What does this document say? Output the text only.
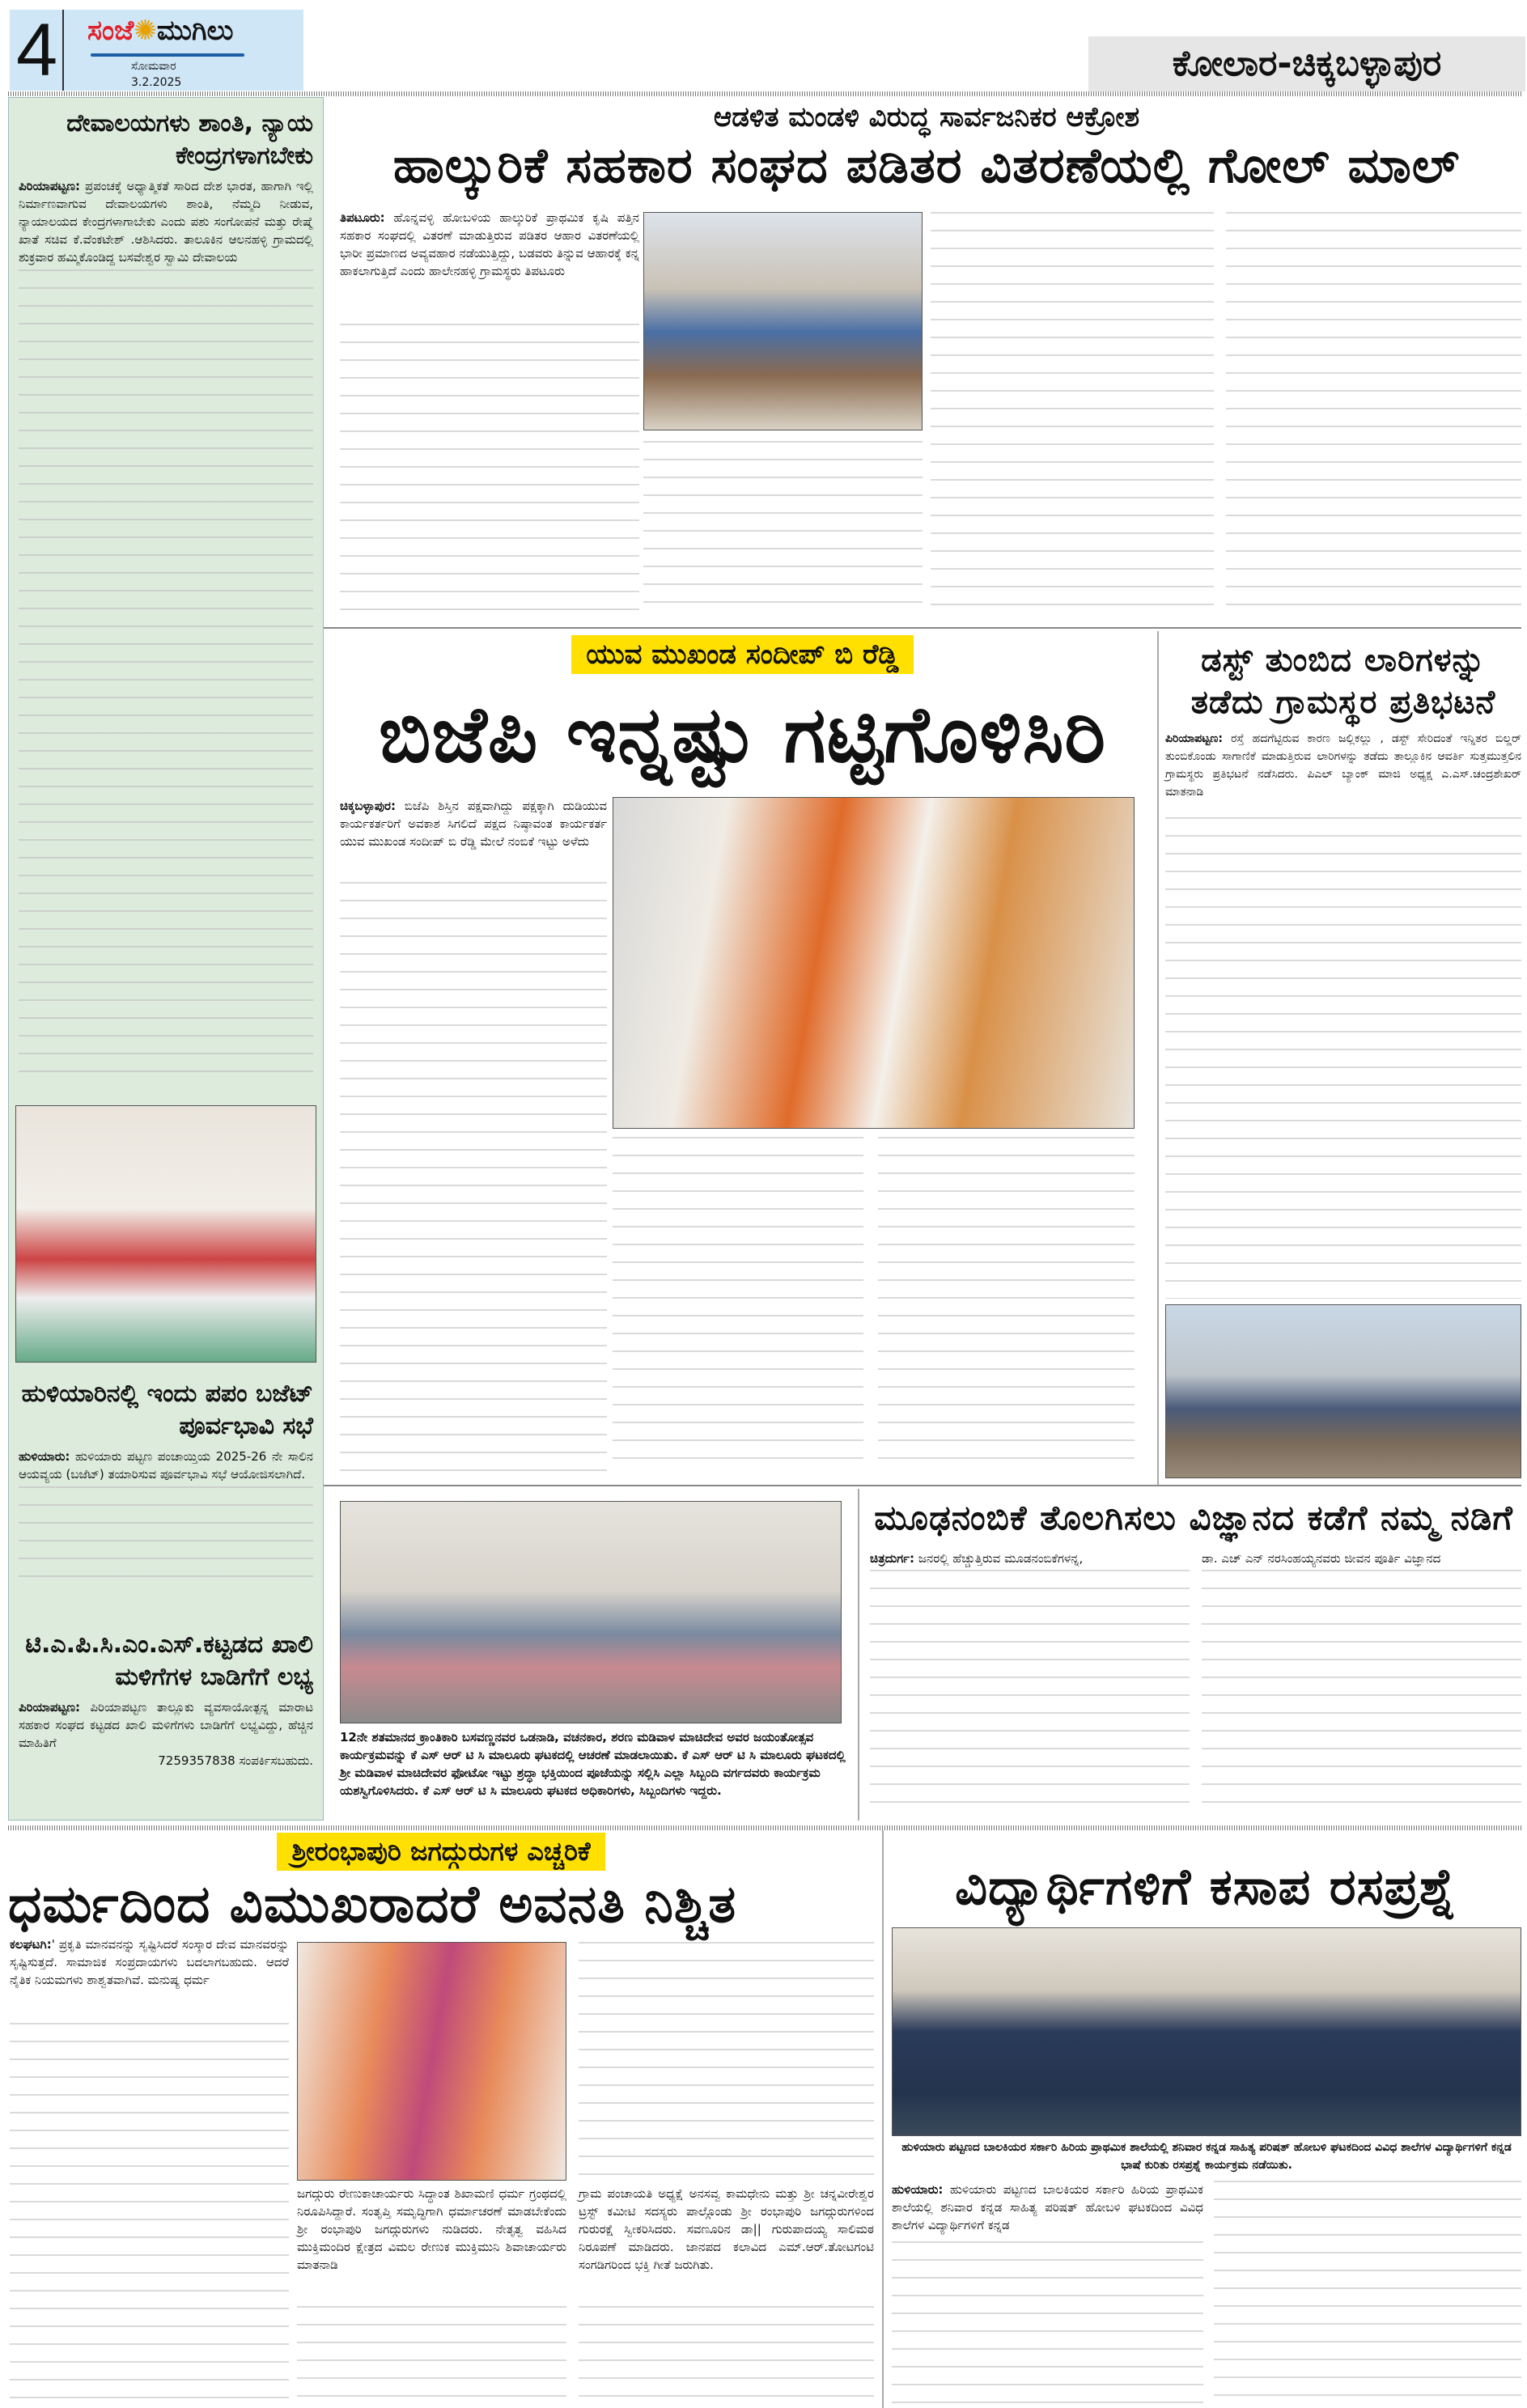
4 ಸಂಜೆ✺ಮುಗಿಲು
ಸೋಮವಾರ
3.2.2025	ಕೋಲಾರ-ಚಿಕ್ಕಬಳ್ಳಾಪುರ
ದೇವಾಲಯಗಳು ಶಾಂತಿ, ನ್ಯಾಯ ಕೇಂದ್ರಗಳಾಗಬೇಕು
ಪಿರಿಯಾಪಟ್ಟಣ: ಪ್ರಪಂಚಕ್ಕೆ ಅಧ್ಯಾತ್ಮಿಕತೆ ಸಾರಿದ ದೇಶ ಭಾರತ, ಹಾಗಾಗಿ ಇಲ್ಲಿ ನಿರ್ಮಾಣವಾಗುವ ದೇವಾಲಯಗಳು ಶಾಂತಿ, ನೆಮ್ಮದಿ ನೀಡುವ, ನ್ಯಾಯಾಲಯದ ಕೇಂದ್ರಗಳಾಗಾಬೇಕು ಎಂದು ಪಶು ಸಂಗೋಪನೆ ಮತ್ತು ರೇಷ್ಮೆ ಖಾತೆ ಸಚಿವ ಕೆ.ವೆಂಕಟೇಶ್ .ಆಶಿಸಿದರು. ತಾಲೂಕಿನ ಆಲನಹಳ್ಳಿ ಗ್ರಾಮದಲ್ಲಿ ಶುಕ್ರವಾರ ಹಮ್ಮಿಕೊಂಡಿದ್ದ ಬಸವೇಶ್ವರ ಸ್ವಾಮಿ ದೇವಾಲಯ
ಹುಳಿಯಾರಿನಲ್ಲಿ ಇಂದು ಪಪಂ ಬಜೆಟ್ ಪೂರ್ವಭಾವಿ ಸಭೆ
ಹುಳಿಯಾರು: ಹುಳಿಯಾರು ಪಟ್ಟಣ ಪಂಚಾಯ್ತಿಯ 2025-26 ನೇ ಸಾಲಿನ ಆಯವ್ಯಯ (ಬಜೆಟ್) ತಯಾರಿಸುವ ಪೂರ್ವಭಾವಿ ಸಭೆ ಆಯೋಜಿಸಲಾಗಿದೆ.
ಟಿ.ಎ.ಪಿ.ಸಿ.ಎಂ.ಎಸ್.ಕಟ್ಟಡದ ಖಾಲಿ ಮಳಿಗೆಗಳ ಬಾಡಿಗೆಗೆ ಲಭ್ಯ
ಪಿರಿಯಾಪಟ್ಟಣ: ಪಿರಿಯಾಪಟ್ಟಣ ತಾಲ್ಲೂಕು ವ್ಯವಸಾಯೋತ್ಪನ್ನ ಮಾರಾಟ ಸಹಕಾರ ಸಂಘದ ಕಟ್ಟಡದ ಖಾಲಿ ಮಳಿಗೆಗಳು ಬಾಡಿಗೆಗೆ ಲಭ್ಯವಿದ್ದು, ಹೆಚ್ಚಿನ ಮಾಹಿತಿಗೆ
7259357838 ಸಂಪರ್ಕಿಸಬಹುದು.
ಆಡಳಿತ ಮಂಡಳಿ ವಿರುದ್ಧ ಸಾರ್ವಜನಿಕರ ಆಕ್ರೋಶ
ಹಾಲ್ಕುರಿಕೆ ಸಹಕಾರ ಸಂಘದ ಪಡಿತರ ವಿತರಣೆಯಲ್ಲಿ ಗೋಲ್ ಮಾಲ್
ತಿಪಟೂರು: ಹೊನ್ನವಳ್ಳಿ ಹೋಬಳಿಯ ಹಾಲ್ಕುರಿಕೆ ಪ್ರಾಥಮಿಕ ಕೃಷಿ ಪತ್ತಿನ ಸಹಕಾರ ಸಂಘದಲ್ಲಿ ವಿತರಣೆ ಮಾಡುತ್ತಿರುವ ಪಡಿತರ ಆಹಾರ ವಿತರಣೆಯಲ್ಲಿ ಭಾರೀ ಪ್ರಮಾಣದ ಅವ್ಯವಹಾರ ನಡೆಯುತ್ತಿದ್ದು, ಬಡವರು ತಿನ್ನುವ ಆಹಾರಕ್ಕೆ ಕನ್ನ ಹಾಕಲಾಗುತ್ತಿದೆ ಎಂದು ಹಾಲೇನಹಳ್ಳಿ ಗ್ರಾಮಸ್ಥರು ತಿಪಟೂರು
ಯುವ ಮುಖಂಡ ಸಂದೀಪ್ ಬಿ ರೆಡ್ಡಿ
ಬಿಜೆಪಿ ಇನ್ನಷ್ಟು ಗಟ್ಟಿಗೊಳಿಸಿರಿ
ಚಿಕ್ಕಬಳ್ಳಾಪುರ: ಬಿಜೆಪಿ ಶಿಸ್ತಿನ ಪಕ್ಷವಾಗಿದ್ದು ಪಕ್ಷಕ್ಕಾಗಿ ದುಡಿಯುವ ಕಾರ್ಯಕರ್ತರಿಗೆ ಅವಕಾಶ ಸಿಗಲಿದೆ ಪಕ್ಷದ ನಿಷ್ಠಾವಂತ ಕಾರ್ಯಕರ್ತ ಯುವ ಮುಖಂಡ ಸಂದೀಪ್ ಬಿ ರೆಡ್ಡಿ ಮೇಲೆ ನಂಬಿಕೆ ಇಟ್ಟು ಅಳೆದು
ಡಸ್ಟ್ ತುಂಬಿದ ಲಾರಿಗಳನ್ನು ತಡೆದು ಗ್ರಾಮಸ್ಥರ ಪ್ರತಿಭಟನೆ
ಪಿರಿಯಾಪಟ್ಟಣ: ರಸ್ತೆ ಹದಗೆಟ್ಟಿರುವ ಕಾರಣ ಜಲ್ಲಿಕಲ್ಲು , ಡಸ್ಟ್ ಸೇರಿದಂತೆ ಇನ್ನಿತರ ಬಿಲ್ಡರ್ ತುಂಬಿಕೊಂಡು ಸಾಗಾಣಿಕೆ ಮಾಡುತ್ತಿರುವ ಲಾರಿಗಳನ್ನು ತಡೆದು ತಾಲ್ಲೂಕಿನ ಆವರ್ತಿ ಸುತ್ತಮುತ್ತಲಿನ ಗ್ರಾಮಸ್ಥರು ಪ್ರತಿಭಟನೆ ನಡೆಸಿದರು. ಪಿಎಲ್ ಬ್ಯಾಂಕ್ ಮಾಜಿ ಅಧ್ಯಕ್ಷ ಎ.ಎಸ್.ಚಂದ್ರಶೇಖರ್ ಮಾತನಾಡಿ
12ನೇ ಶತಮಾನದ ಕ್ರಾಂತಿಕಾರಿ ಬಸವಣ್ಣನವರ ಒಡನಾಡಿ, ವಚನಕಾರ, ಶರಣ ಮಡಿವಾಳ ಮಾಚಿದೇವ ಅವರ ಜಯಂತೋತ್ಸವ ಕಾರ್ಯಕ್ರಮವನ್ನು ಕೆ ಎಸ್ ಆರ್ ಟಿ ಸಿ ಮಾಲೂರು ಘಟಕದಲ್ಲಿ ಆಚರಣೆ ಮಾಡಲಾಯಿತು. ಕೆ ಎಸ್ ಆರ್ ಟಿ ಸಿ ಮಾಲೂರು ಘಟಕದಲ್ಲಿ ಶ್ರೀ ಮಡಿವಾಳ ಮಾಚಿದೇವರ ಫೋಟೋ ಇಟ್ಟು ಶ್ರದ್ಧಾ ಭಕ್ತಿಯಿಂದ ಪೂಜೆಯನ್ನು ಸಲ್ಲಿಸಿ ಎಲ್ಲಾ ಸಿಬ್ಬಂದಿ ವರ್ಗದವರು ಕಾರ್ಯಕ್ರಮ ಯಶಸ್ವಿಗೊಳಿಸಿದರು. ಕೆ ಎಸ್ ಆರ್ ಟಿ ಸಿ ಮಾಲೂರು ಘಟಕದ ಅಧಿಕಾರಿಗಳು, ಸಿಬ್ಬಂದಿಗಳು ಇದ್ದರು.
ಮೂಢನಂಬಿಕೆ ತೊಲಗಿಸಲು ವಿಜ್ಞಾನದ ಕಡೆಗೆ ನಮ್ಮ ನಡಿಗೆ
ಚಿತ್ರದುರ್ಗ: ಜನರಲ್ಲಿ ಹೆಚ್ಚುತ್ತಿರುವ ಮೂಡನಂಬಿಕೆಗಳನ್ನ,	ಡಾ. ಎಚ್ ಎನ್ ನರಸಿಂಹಯ್ಯನವರು ಜೀವನ ಪೂರ್ತಿ ವಿಜ್ಞಾನದ
ಶ್ರೀರಂಭಾಪುರಿ ಜಗದ್ಗುರುಗಳ ಎಚ್ಚರಿಕೆ
ಧರ್ಮದಿಂದ ವಿಮುಖರಾದರೆ ಅವನತಿ ನಿಶ್ಚಿತ
ಕಲಘಟಗಿ:' ಪ್ರಕೃತಿ ಮಾನವನನ್ನು ಸೃಷ್ಟಿಸಿದರೆ ಸಂಸ್ಕಾರ ದೇವ ಮಾನವರನ್ನು ಸೃಷ್ಟಿಸುತ್ತದೆ. ಸಾಮಾಜಿಕ ಸಂಪ್ರದಾಯಗಳು ಬದಲಾಗಬಹುದು. ಆದರೆ ನೈತಿಕ ನಿಯಮಗಳು ಶಾಶ್ವತವಾಗಿವೆ. ಮನುಷ್ಯ ಧರ್ಮ
ಜಗದ್ಗುರು ರೇಣುಕಾಚಾರ್ಯರು ಸಿದ್ಧಾಂತ ಶಿಖಾಮಣಿ ಧರ್ಮ ಗ್ರಂಥದಲ್ಲಿ ನಿರೂಪಿಸಿದ್ದಾರೆ. ಸಂತೃಪ್ತಿ ಸಮೃದ್ಧಿಗಾಗಿ ಧರ್ಮಾಚರಣೆ ಮಾಡಬೇಕೆಂದು ಶ್ರೀ ರಂಭಾಪುರಿ ಜಗದ್ಗುರುಗಳು ನುಡಿದರು. ನೇತೃತ್ವ ವಹಿಸಿದ ಮುಕ್ತಿಮಂದಿರ ಕ್ಷೇತ್ರದ ವಿಮಲ ರೇಣುಕ ಮುಕ್ತಿಮುನಿ ಶಿವಾಚಾರ್ಯರು ಮಾತನಾಡಿ
ಗ್ರಾಮ ಪಂಚಾಯತಿ ಅಧ್ಯಕ್ಷೆ ಅನಸವ್ವ ಕಾಮಧೇನು ಮತ್ತು ಶ್ರೀ ಚನ್ನವೀರೇಶ್ವರ ಟ್ರಸ್ಟ್ ಕಮೀಟಿ ಸದಸ್ಯರು ಪಾಲ್ಗೊಂಡು ಶ್ರೀ ರಂಭಾಪುರಿ ಜಗದ್ಗುರುಗಳಿಂದ ಗುರುರಕ್ಷೆ ಸ್ವೀಕರಿಸಿದರು. ಸವಣೂರಿನ ಡಾ|| ಗುರುಪಾದಯ್ಯ ಸಾಲಿಮಠ ನಿರೂಪಣೆ ಮಾಡಿದರು. ಜಾನಪದ ಕಲಾವಿದ ಎಮ್.ಆರ್.ತೋಟಗಂಟಿ ಸಂಗಡಿಗರಿಂದ ಭಕ್ತಿ ಗೀತೆ ಜರುಗಿತು.
ವಿದ್ಯಾರ್ಥಿಗಳಿಗೆ ಕಸಾಪ ರಸಪ್ರಶ್ನೆ
ಹುಳಿಯಾರು ಪಟ್ಟಣದ ಬಾಲಕಿಯರ ಸರ್ಕಾರಿ ಹಿರಿಯ ಪ್ರಾಥಮಿಕ ಶಾಲೆಯಲ್ಲಿ ಶನಿವಾರ ಕನ್ನಡ ಸಾಹಿತ್ಯ ಪರಿಷತ್ ಹೋಬಳಿ ಘಟಕದಿಂದ ವಿವಿಧ ಶಾಲೆಗಳ ವಿದ್ಯಾರ್ಥಿಗಳಿಗೆ ಕನ್ನಡ ಭಾಷೆ ಕುರಿತು ರಸಪ್ರಶ್ನೆ ಕಾರ್ಯಕ್ರಮ ನಡೆಯಿತು.
ಹುಳಿಯಾರು: ಹುಳಿಯಾರು ಪಟ್ಟಣದ ಬಾಲಕಿಯರ ಸರ್ಕಾರಿ ಹಿರಿಯ ಪ್ರಾಥಮಿಕ ಶಾಲೆಯಲ್ಲಿ ಶನಿವಾರ ಕನ್ನಡ ಸಾಹಿತ್ಯ ಪರಿಷತ್ ಹೋಬಳಿ ಘಟಕದಿಂದ ವಿವಿಧ ಶಾಲೆಗಳ ವಿದ್ಯಾರ್ಥಿಗಳಿಗೆ ಕನ್ನಡ
